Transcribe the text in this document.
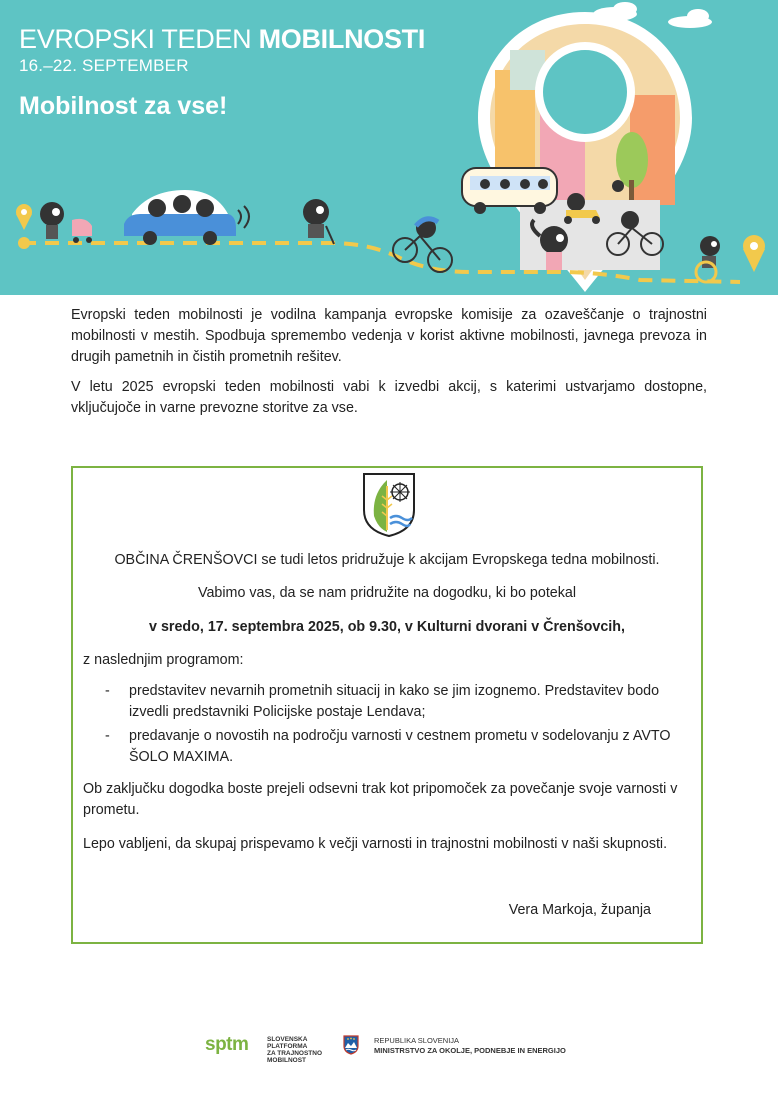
EVROPSKI TEDEN MOBILNOSTI
16.–22. SEPTEMBER
Mobilnost za vse!

Evropski teden mobilnosti je vodilna kampanja evropske komisije za ozaveščanje o trajnostni mobilnosti v mestih. Spodbuja spremembo vedenja v korist aktivne mobilnosti, javnega prevoza in drugih pametnih in čistih prometnih rešitev.

V letu 2025 evropski teden mobilnosti vabi k izvedbi akcij, s katerimi ustvarjamo dostopne, vključujoče in varne prevozne storitve za vse.

OBČINA ČRENŠOVCI se tudi letos pridružuje k akcijam Evropskega tedna mobilnosti.

Vabimo vas, da se nam pridružite na dogodku, ki bo potekal

v sredo, 17. septembra 2025, ob 9.30, v Kulturni dvorani v Črenšovcih,

z naslednjim programom:

- predstavitev nevarnih prometnih situacij in kako se jim izognemo. Predstavitev bodo izvedli predstavniki Policijske postaje Lendava;
- predavanje o novostih na področju varnosti v cestnem prometu v sodelovanju z AVTO ŠOLO MAXIMA.

Ob zaključku dogodka boste prejeli odsevni trak kot pripomoček za povečanje svoje varnosti v prometu.

Lepo vabljeni, da skupaj prispevamo k večji varnosti in trajnostni mobilnosti v naši skupnosti.

Vera Markoja, županja

sptm	SLOVENSKA
PLATFORMA
ZA TRAJNOSTNO
MOBILNOST
REPUBLIKA SLOVENIJA
MINISTRSTVO ZA OKOLJE, PODNEBJE IN ENERGIJO
